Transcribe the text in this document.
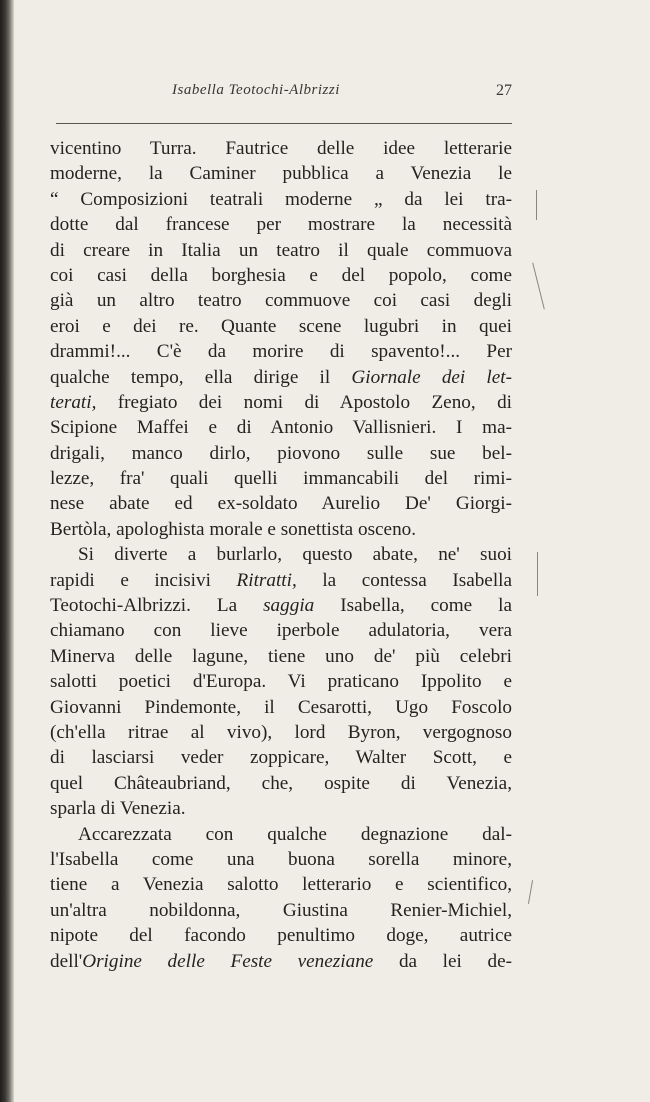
Isabella Teotochi-Albrizzi	27
vicentino Turra. Fautrice delle idee letterarie
moderne, la Caminer pubblica a Venezia le
“ Composizioni teatrali moderne „ da lei tra-
dotte dal francese per mostrare la necessità
di creare in Italia un teatro il quale commuova
coi casi della borghesia e del popolo, come
già un altro teatro commuove coi casi degli
eroi e dei re. Quante scene lugubri in quei
drammi!... C'è da morire di spavento!... Per
qualche tempo, ella dirige il Giornale dei let-
terati, fregiato dei nomi di Apostolo Zeno, di
Scipione Maffei e di Antonio Vallisnieri. I ma-
drigali, manco dirlo, piovono sulle sue bel-
lezze, fra' quali quelli immancabili del rimi-
nese abate ed ex-soldato Aurelio De' Giorgi-
Bertòla, apologhista morale e sonettista osceno.
Si diverte a burlarlo, questo abate, ne' suoi
rapidi e incisivi Ritratti, la contessa Isabella
Teotochi-Albrizzi. La saggia Isabella, come la
chiamano con lieve iperbole adulatoria, vera
Minerva delle lagune, tiene uno de' più celebri
salotti poetici d'Europa. Vi praticano Ippolito e
Giovanni Pindemonte, il Cesarotti, Ugo Foscolo
(ch'ella ritrae al vivo), lord Byron, vergognoso
di lasciarsi veder zoppicare, Walter Scott, e
quel Châteaubriand, che, ospite di Venezia,
sparla di Venezia.
Accarezzata con qualche degnazione dal-
l'Isabella come una buona sorella minore,
tiene a Venezia salotto letterario e scientifico,
un'altra nobildonna, Giustina Renier-Michiel,
nipote del facondo penultimo doge, autrice
dell'Origine delle Feste veneziane da lei de-
